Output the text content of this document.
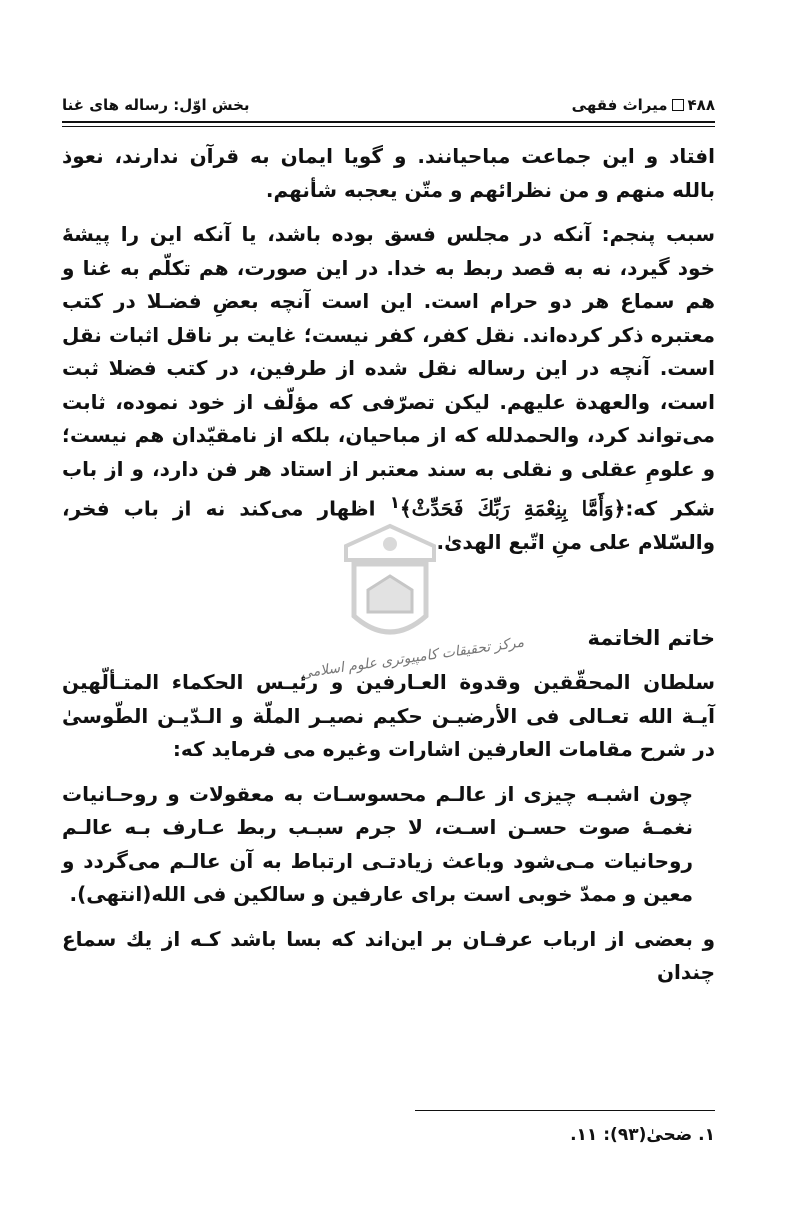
بخش اوّل: رساله های غنا	۴۸۸
میراث فقهی
مرکز تحقیقات کامپیوتری علوم اسلامی

افتاد و این جماعت مباحیانند. و گویا ایمان به قرآن ندارند، نعوذ بالله منهم و من نظرائهم و متّن یعجبه شأنهم.

سبب پنجم: آنکه در مجلس فسق بوده باشد، یا آنکه این را پیشهٔ خود گیرد، نه به قصد ربط به خدا. در این صورت، هم تکلّم به غنا و هم سماع هر دو حرام است. این است آنچه بعضِ فضـلا در کتب معتبره ذکر کرده‌اند. نقل کفر، کفر نیست؛ غایت بر ناقل اثبات نقل است. آنچه در این رساله نقل شده از طرفین، در کتب فضلا ثبت است، والعهدة علیهم. لیکن تصرّفی که مؤلّف از خود نموده، ثابت می‌تواند کرد، والحمدلله که از مباحیان، بلکه از نامقیّدان هم نیست؛ و علومِ عقلی و نقلی به سند معتبر از استاد هر فن دارد، و از باب شکر که:﴿وَأَمَّا بِنِعْمَةِ رَبِّكَ فَحَدِّثْ﴾$^۱$ اظهار می‌کند نه از باب فخر، والسّلام علی منِ اتّبع الهدیٰ.

خاتم الخاتمة

سلطان المحقّقین وقدوة العـارفین و رئیـس الحکماء المتـألّهین آیـة الله تعـالی فی الأرضیـن حکیم نصیـر الملّة و الـدّیـن الطّوسیٰ در شرح مقامات العارفین اشارات وغیره می فرماید که:

چون اشبـه چیزی از عالـم محسوسـات به معقولات و روحـانیات نغمـهٔ صوت حسـن اسـت، لا جرم سبـب ربط عـارف بـه عالـم روحانیات مـی‌شود وباعث زیادتـی ارتباط به آن عالـم می‌گردد و معین و ممدّ خوبی است برای عارفین و سالکین فی الله(انتهی).

و بعضی از ارباب عرفـان بر این‌اند که بسا باشد کـه از یك سماع چندان

۱. ضحیٰ(۹۳): ۱۱.
